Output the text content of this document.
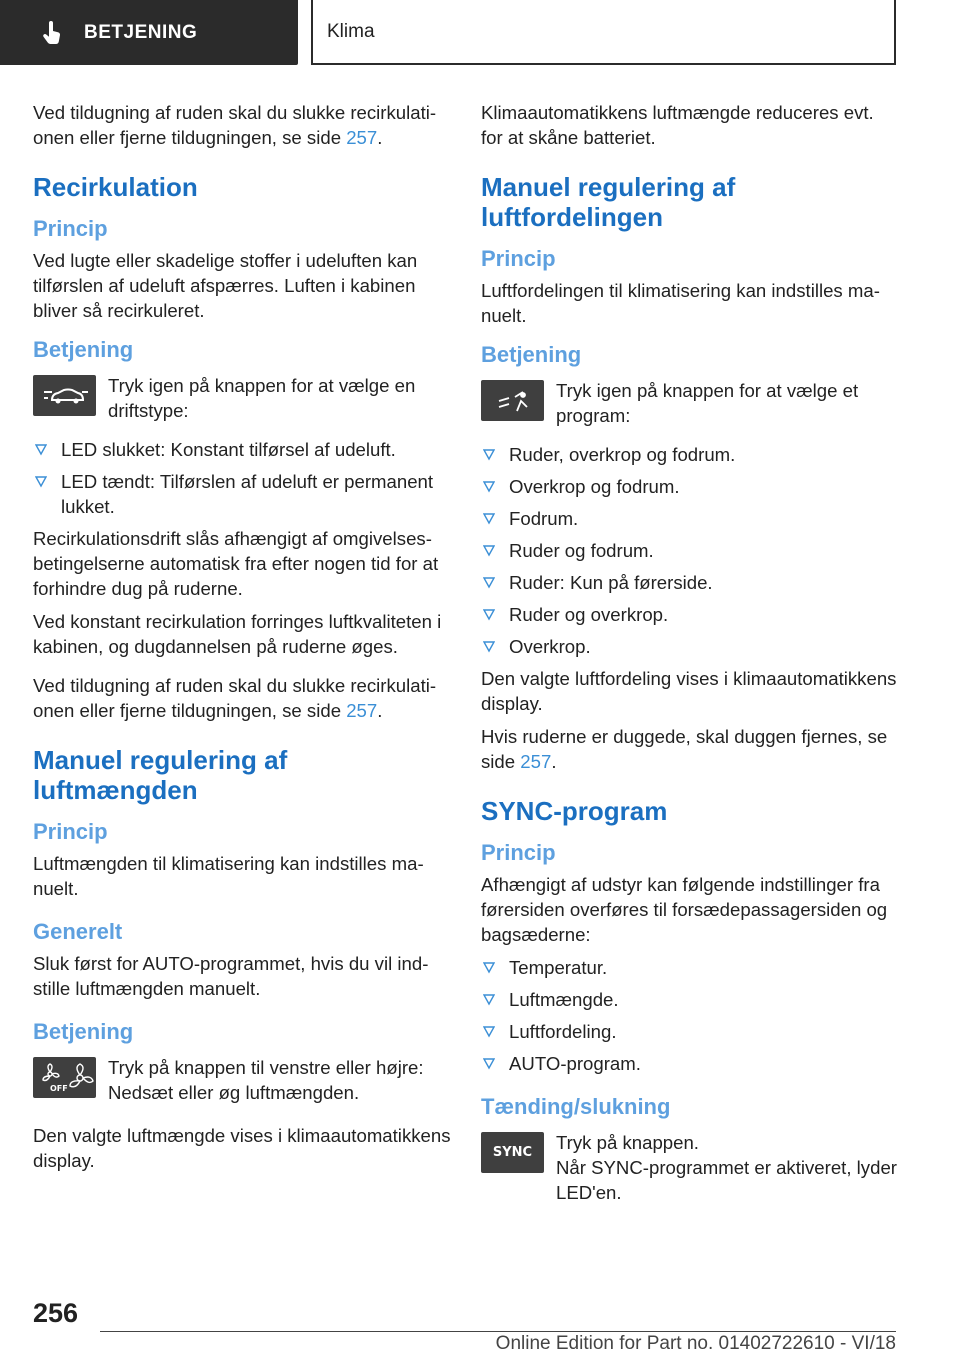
BETJENING	Klima

Ved tildugning af ruden skal du slukke recirkulationen eller fjerne tildugningen, se side 257.

Recirkulation
Princip

Ved lugte eller skadelige stoffer i udeluften kan tilførslen af udeluft afspærres. Luften i kabinen bliver så recirkuleret.

Betjening

Tryk igen på knappen for at vælge en driftstype:

LED slukket: Konstant tilførsel af udeluft.
LED tændt: Tilførslen af udeluft er permanent lukket.

Recirkulationsdrift slås afhængigt af omgivelsesbetingelserne automatisk fra efter nogen tid for at forhindre dug på ruderne.

Ved konstant recirkulation forringes luftkvaliteten i kabinen, og dugdannelsen på ruderne øges.

Ved tildugning af ruden skal du slukke recirkulationen eller fjerne tildugningen, se side 257.

Manuel regulering af luftmængden
Princip

Luftmængden til klimatisering kan indstilles manuelt.

Generelt

Sluk først for AUTO-programmet, hvis du vil indstille luftmængden manuelt.

Betjening
OFF

Tryk på knappen til venstre eller højre: Nedsæt eller øg luftmængden.

Den valgte luftmængde vises i klimaautomatikkens display.

Klimaautomatikkens luftmængde reduceres evt. for at skåne batteriet.

Manuel regulering af luftfordelingen
Princip

Luftfordelingen til klimatisering kan indstilles manuelt.

Betjening

Tryk igen på knappen for at vælge et program:

Ruder, overkrop og fodrum.
Overkrop og fodrum.
Fodrum.
Ruder og fodrum.
Ruder: Kun på førerside.
Ruder og overkrop.
Overkrop.

Den valgte luftfordeling vises i klimaautomatikkens display.

Hvis ruderne er duggede, skal duggen fjernes, se side 257.

SYNC-program
Princip

Afhængigt af udstyr kan følgende indstillinger fra førersiden overføres til forsædepassagersiden og bagsæderne:

Temperatur.
Luftmængde.
Luftfordeling.
AUTO-program.
Tænding/slukning
SYNC	Tryk på knappen.

Når SYNC-programmet er aktiveret, lyder LED'en.

256
Online Edition for Part no. 01402722610 - VI/18
